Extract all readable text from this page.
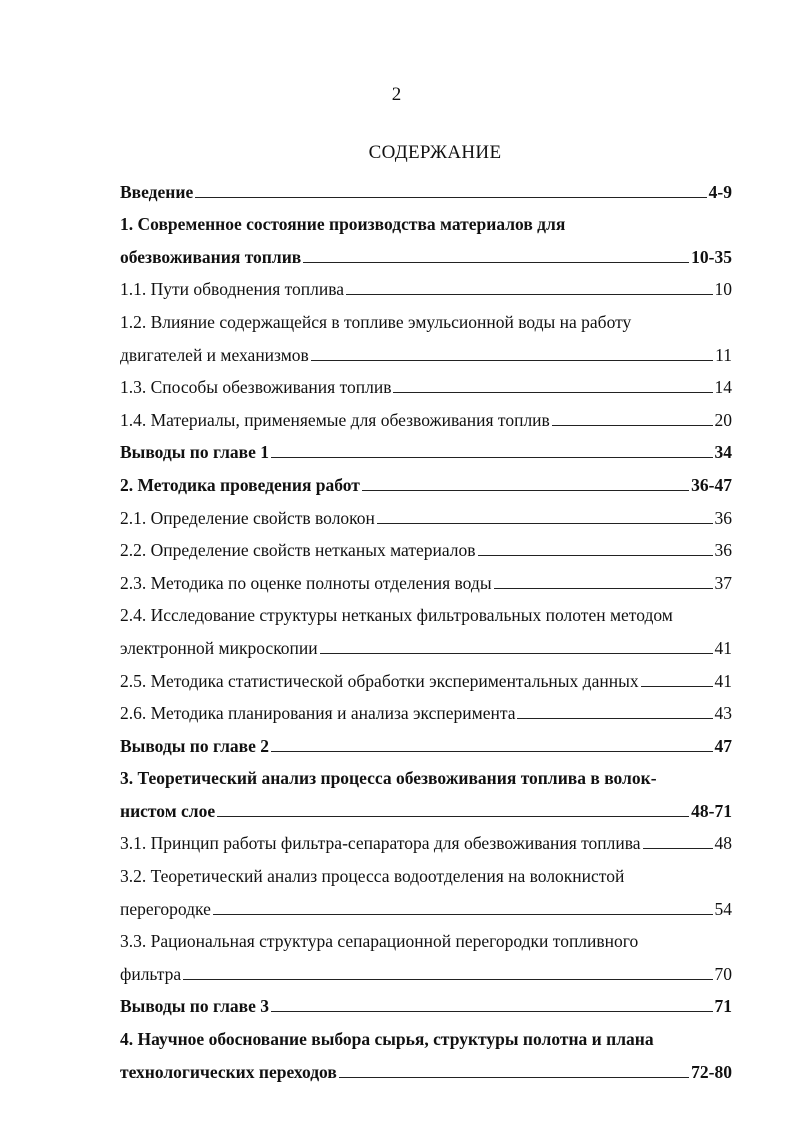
2
СОДЕРЖАНИЕ
Введение	4-9
1. Современное состояние производства материалов для
обезвоживания топлив	10-35
1.1. Пути обводнения топлива	10
1.2. Влияние содержащейся в топливе эмульсионной воды на работу
двигателей и механизмов	11
1.3. Способы обезвоживания топлив	14
1.4. Материалы, применяемые для обезвоживания топлив	20
Выводы по главе 1	34
2. Методика проведения работ	36-47
2.1. Определение свойств волокон	36
2.2. Определение свойств нетканых материалов	36
2.3. Методика по оценке полноты отделения воды	37
2.4. Исследование структуры нетканых фильтровальных полотен методом
электронной микроскопии	41
2.5. Методика статистической обработки экспериментальных данных	41
2.6. Методика планирования и анализа эксперимента	43
Выводы по главе 2	47
3. Теоретический анализ процесса обезвоживания топлива в волок-
нистом слое	48-71
3.1. Принцип работы фильтра-сепаратора для обезвоживания топлива	48
3.2. Теоретический анализ процесса водоотделения на волокнистой
перегородке	54
3.3. Рациональная структура сепарационной перегородки топливного
фильтра	70
Выводы по главе 3	71
4. Научное обоснование выбора сырья, структуры полотна и плана
технологических переходов	72-80
